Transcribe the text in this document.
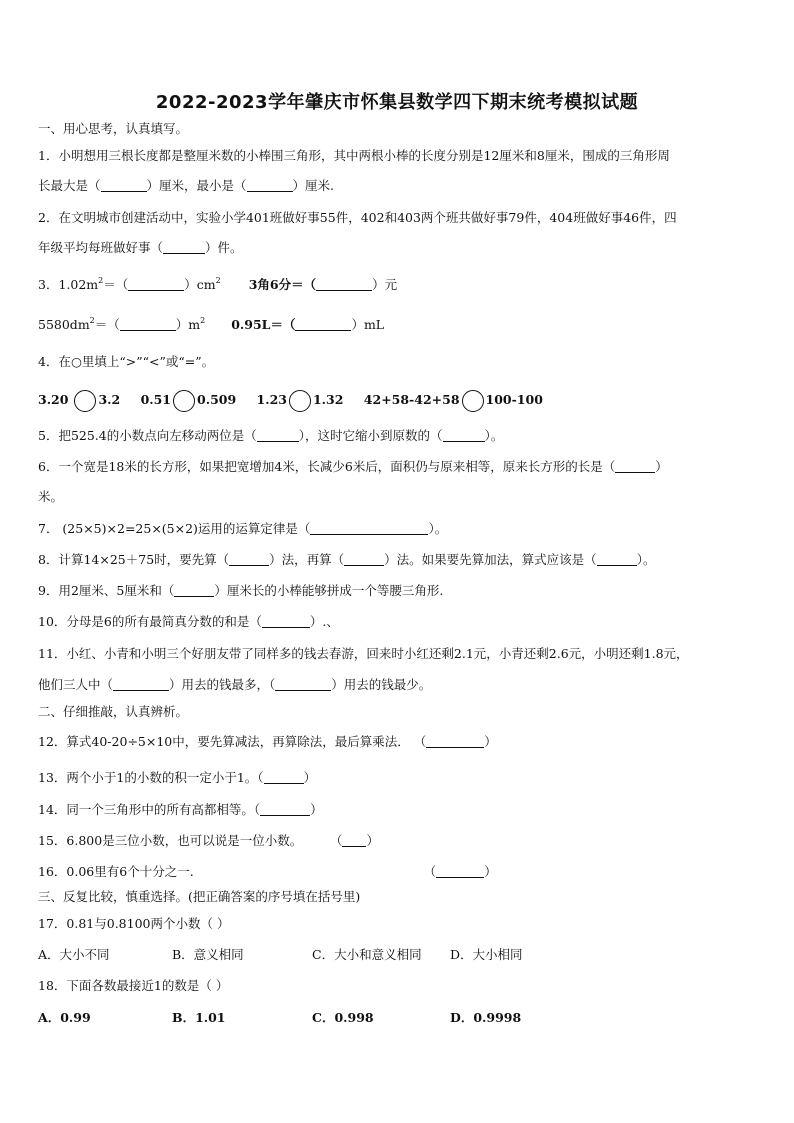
2022-2023学年肇庆市怀集县数学四下期末统考模拟试题
一、用心思考，认真填写。
1．小明想用三根长度都是整厘米数的小棒围三角形，其中两根小棒的长度分别是12厘米和8厘米，围成的三角形周
长最大是（	）厘米，最小是（	）厘米.
2．在文明城市创建活动中，实验小学401班做好事55件，402和403两个班共做好事79件，404班做好事46件，四
年级平均每班做好事（	）件。
3．$1.02m^2=$（	）$cm^2$ 3角6分＝（	）元
$5580dm^2=$（	）$m^2$ 0.95L＝（	）mL
4．在○里填上“>”“<”或“=”。
3.20 3.2 0.51 0.509 1.23 1.32 42+58-42+58 100-100
5．把525.4的小数点向左移动两位是（	），这时它缩小到原数的（	）。
6．一个宽是18米的长方形，如果把宽增加4米，长减少6米后，面积仍与原来相等，原来长方形的长是（	）
米。
7． (25×5)×2=25×(5×2)运用的运算定律是（	）。
8．计算14×25＋75时，要先算（	）法，再算（	）法。如果要先算加法，算式应该是（	）。
9．用2厘米、5厘米和（	）厘米长的小棒能够拼成一个等腰三角形.
10．分母是6的所有最简真分数的和是（	）.、
11．小红、小青和小明三个好朋友带了同样多的钱去春游，回来时小红还剩2.1元，小青还剩2.6元，小明还剩1.8元，
他们三人中（	）用去的钱最多，（	）用去的钱最少。
二、仔细推敲，认真辨析。
12．算式40-20÷5×10中，要先算减法，再算除法，最后算乘法． （	）
13．两个小于1的小数的积一定小于1。（	）
14．同一个三角形中的所有高都相等。（	）
15．6.800是三位小数，也可以说是一位小数。	（ ）
16．0.06里有6个十分之一.	（	）
三、反复比较，慎重选择。(把正确答案的序号填在括号里)
17．0.81与0.8100两个小数（ ）
A．大小不同	B．意义相同	C．大小和意义相同 D．大小相同
18．下面各数最接近1的数是（ ）
A．0.99	B．1.01	C．0.998	D．0.9998
